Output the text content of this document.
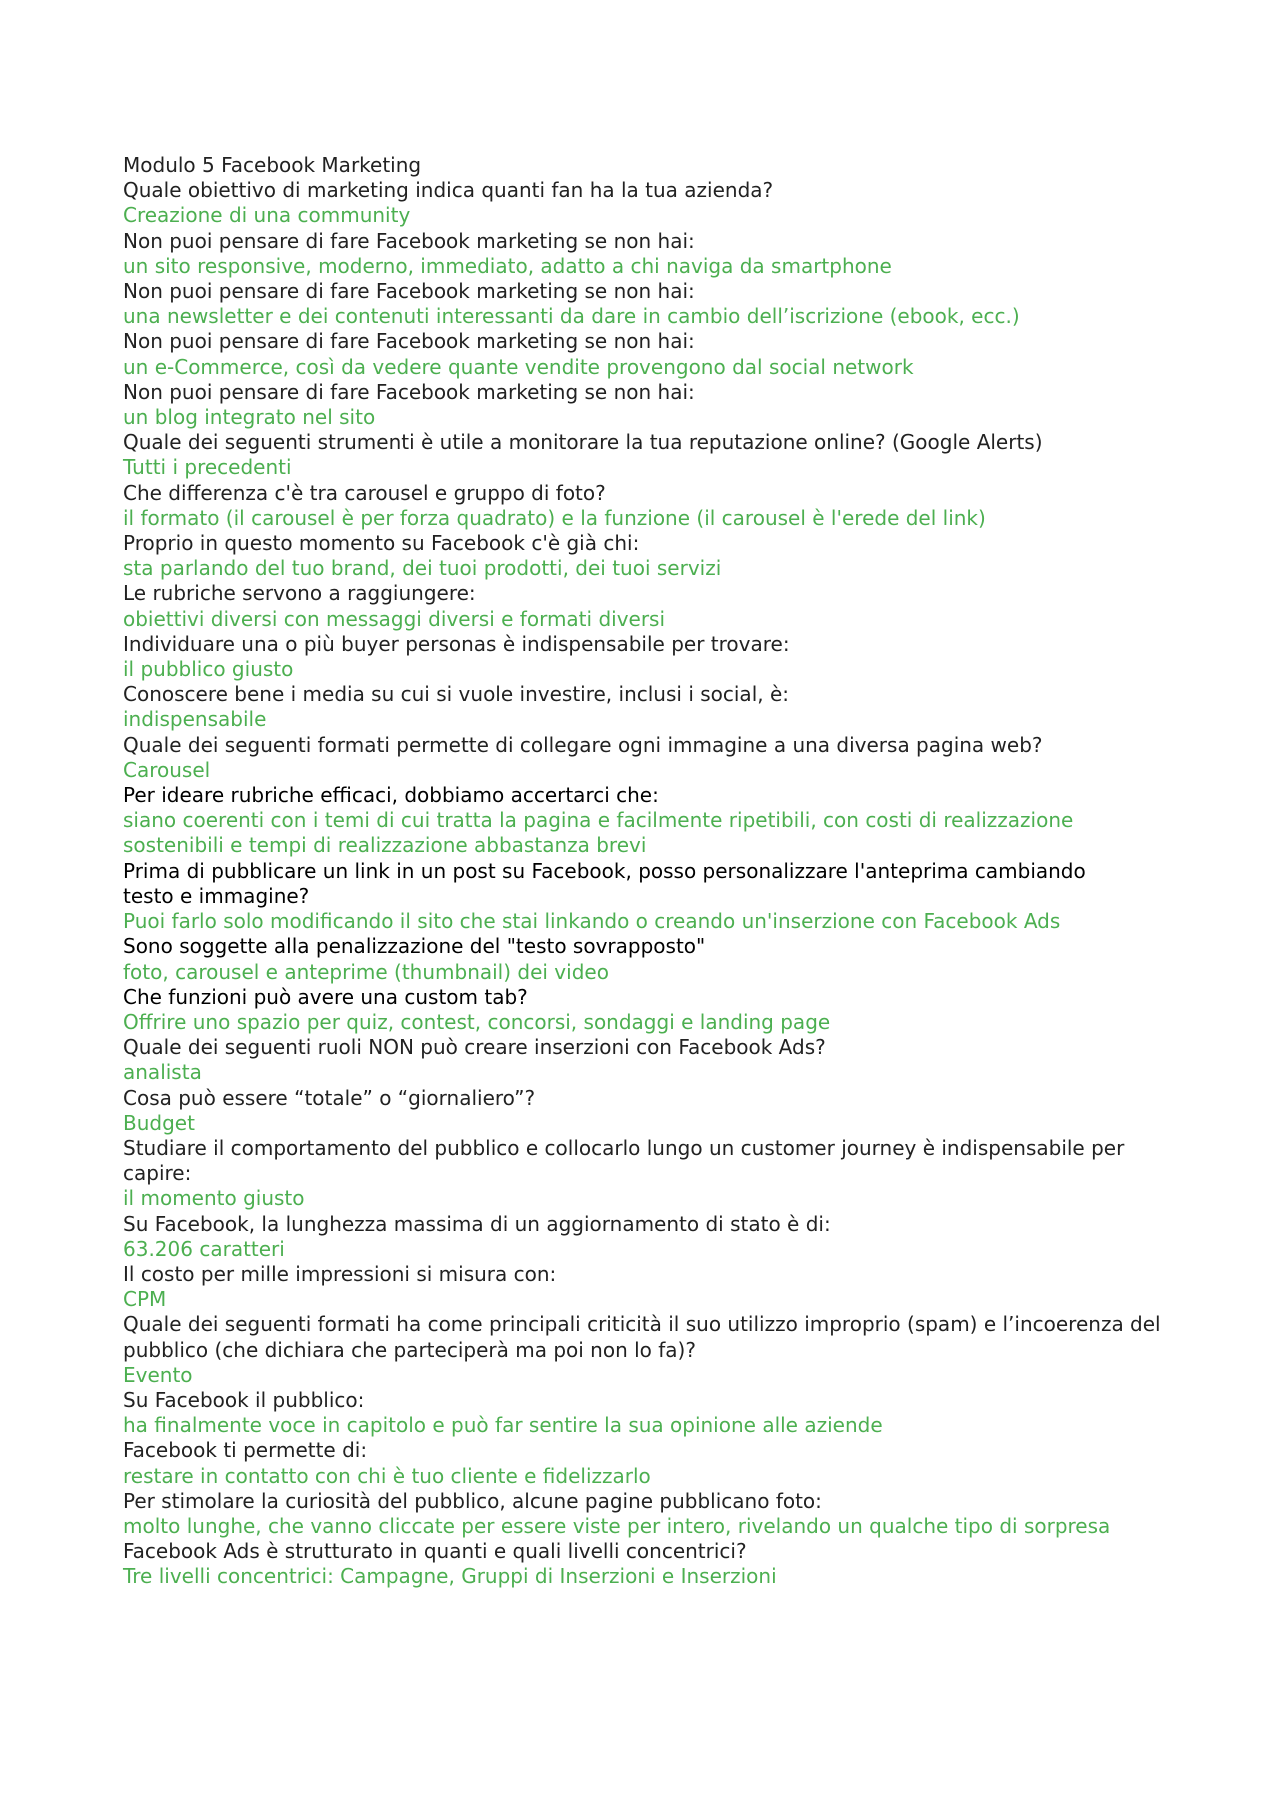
Modulo 5 Facebook Marketing
Quale obiettivo di marketing indica quanti fan ha la tua azienda?
Creazione di una community
Non puoi pensare di fare Facebook marketing se non hai:
un sito responsive, moderno, immediato, adatto a chi naviga da smartphone
Non puoi pensare di fare Facebook marketing se non hai:
una newsletter e dei contenuti interessanti da dare in cambio dell’iscrizione (ebook, ecc.)
Non puoi pensare di fare Facebook marketing se non hai:
un e-Commerce, così da vedere quante vendite provengono dal social network
Non puoi pensare di fare Facebook marketing se non hai:
un blog integrato nel sito
Quale dei seguenti strumenti è utile a monitorare la tua reputazione online? (Google Alerts)
Tutti i precedenti
Che differenza c'è tra carousel e gruppo di foto?
il formato (il carousel è per forza quadrato) e la funzione (il carousel è l'erede del link)
Proprio in questo momento su Facebook c'è già chi:
sta parlando del tuo brand, dei tuoi prodotti, dei tuoi servizi
Le rubriche servono a raggiungere:
obiettivi diversi con messaggi diversi e formati diversi
Individuare una o più buyer personas è indispensabile per trovare:
il pubblico giusto
Conoscere bene i media su cui si vuole investire, inclusi i social, è:
indispensabile
Quale dei seguenti formati permette di collegare ogni immagine a una diversa pagina web?
Carousel
Per ideare rubriche efficaci, dobbiamo accertarci che:
siano coerenti con i temi di cui tratta la pagina e facilmente ripetibili, con costi di realizzazione sostenibili e tempi di realizzazione abbastanza brevi
Prima di pubblicare un link in un post su Facebook, posso personalizzare l'anteprima cambiando
testo e immagine?
Puoi farlo solo modificando il sito che stai linkando o creando un'inserzione con Facebook Ads
Sono soggette alla penalizzazione del "testo sovrapposto"
foto, carousel e anteprime (thumbnail) dei video
Che funzioni può avere una custom tab?
Offrire uno spazio per quiz, contest, concorsi, sondaggi e landing page
Quale dei seguenti ruoli NON può creare inserzioni con Facebook Ads?
analista
Cosa può essere “totale” o “giornaliero”?
Budget
Studiare il comportamento del pubblico e collocarlo lungo un customer journey è indispensabile per capire:
il momento giusto
Su Facebook, la lunghezza massima di un aggiornamento di stato è di:
63.206 caratteri
Il costo per mille impressioni si misura con:
CPM
Quale dei seguenti formati ha come principali criticità il suo utilizzo improprio (spam) e l’incoerenza del pubblico (che dichiara che parteciperà ma poi non lo fa)?
Evento
Su Facebook il pubblico:
ha finalmente voce in capitolo e può far sentire la sua opinione alle aziende
Facebook ti permette di:
restare in contatto con chi è tuo cliente e fidelizzarlo
Per stimolare la curiosità del pubblico, alcune pagine pubblicano foto:
molto lunghe, che vanno cliccate per essere viste per intero, rivelando un qualche tipo di sorpresa
Facebook Ads è strutturato in quanti e quali livelli concentrici?
Tre livelli concentrici: Campagne, Gruppi di Inserzioni e Inserzioni
